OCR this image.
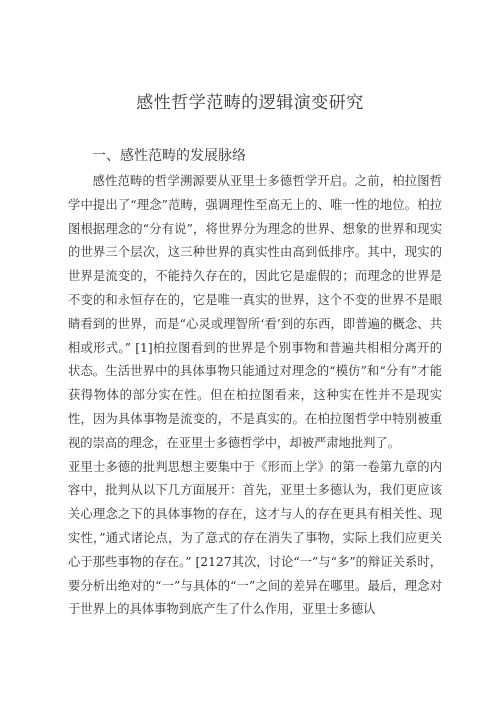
感性哲学范畴的逻辑演变研究
一、感性范畴的发展脉络

感性范畴的哲学溯源要从亚里士多德哲学开启。之前，柏拉图哲学中提出了“理念”范畴，强调理性至高无上的、唯一性的地位。柏拉图根据理念的“分有说”，将世界分为理念的世界、想象的世界和现实的世界三个层次，这三种世界的真实性由高到低排序。其中，现实的世界是流变的，不能持久存在的，因此它是虚假的；而理念的世界是不变的和永恒存在的，它是唯一真实的世界，这个不变的世界不是眼睛看到的世界，而是“心灵或理智所‘看’到的东西，即普遍的概念、共相或形式。” [1]柏拉图看到的世界是个别事物和普遍共相相分离开的状态。生活世界中的具体事物只能通过对理念的“模仿”和“分有”才能获得物体的部分实在性。但在柏拉图看来，这种实在性并不是现实性，因为具体事物是流变的，不是真实的。在柏拉图哲学中特别被重视的崇高的理念，在亚里士多德哲学中，却被严肃地批判了。

亚里士多德的批判思想主要集中于《形而上学》的第一卷第九章的内容中，批判从以下几方面展开：首先，亚里士多德认为，我们更应该关心理念之下的具体事物的存在，这才与人的存在更具有相关性、现实性，”通式诸论点，为了意式的存在消失了事物，实际上我们应更关心于那些事物的存在。” [2127其次，讨论“一”与“多”的辩证关系时，要分析出绝对的“一”与具体的“一”之间的差异在哪里。最后，理念对于世界上的具体事物到底产生了什么作用，亚里士多德认
